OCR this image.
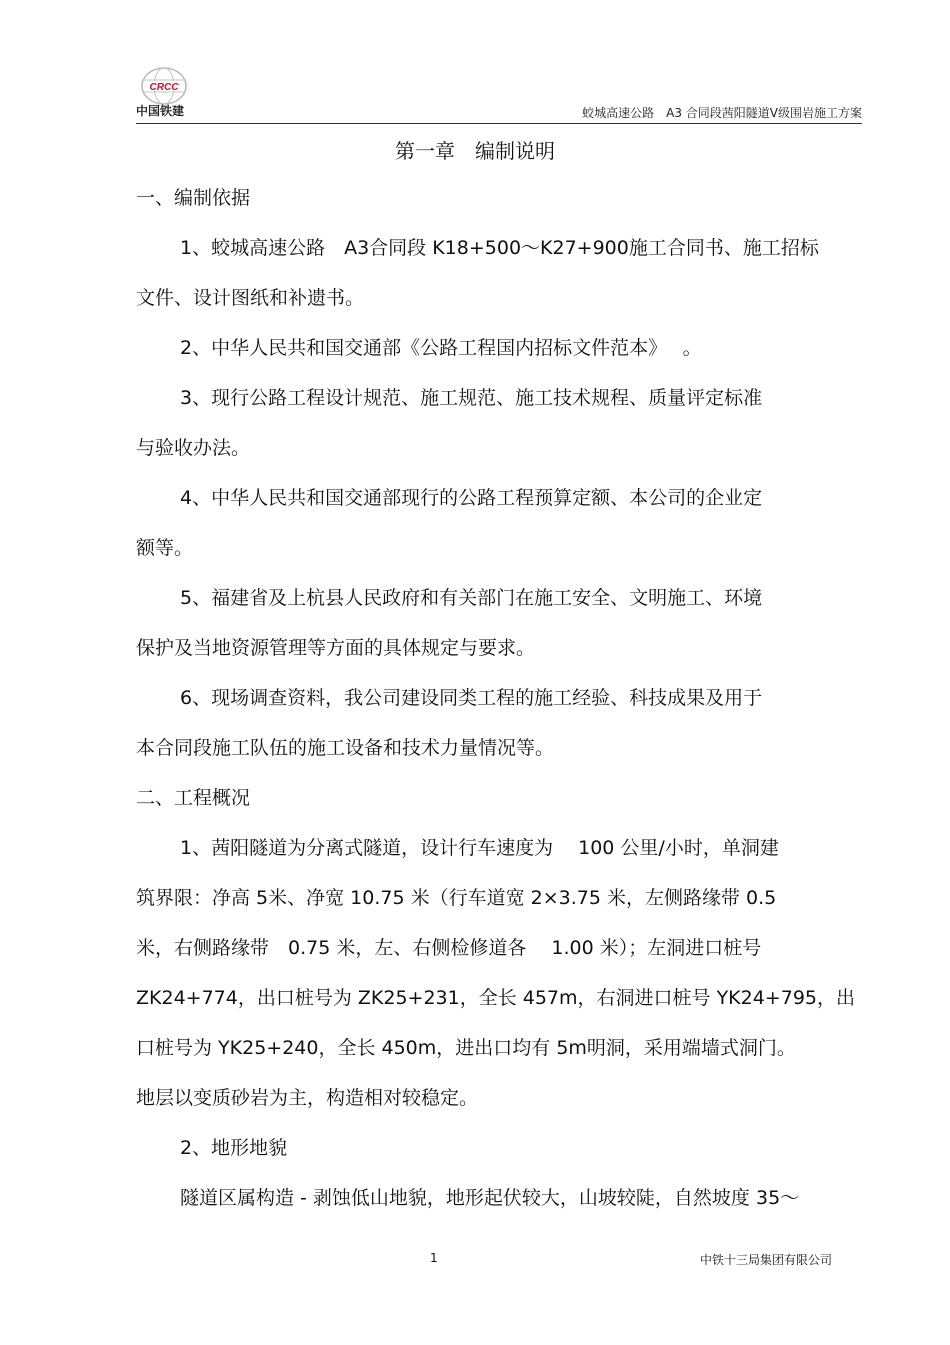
CRCC
中国铁建	蛟城高速公路　A3 合同段茜阳隧道Ⅴ级围岩施工方案
第一章　编制说明
一、编制依据
1、蛟城高速公路　A3合同段 K18+500～K27+900施工合同书、施工招标
文件、设计图纸和补遗书。
2、中华人民共和国交通部《公路工程国内招标文件范本》　 。
3、现行公路工程设计规范、施工规范、施工技术规程、质量评定标准
与验收办法。
4、中华人民共和国交通部现行的公路工程预算定额、本公司的企业定
额等。
5、福建省及上杭县人民政府和有关部门在施工安全、文明施工、环境
保护及当地资源管理等方面的具体规定与要求。
6、现场调查资料，我公司建设同类工程的施工经验、科技成果及用于
本合同段施工队伍的施工设备和技术力量情况等。
二、工程概况
1、茜阳隧道为分离式隧道，设计行车速度为　 100 公里/小时，单洞建
筑界限：净高 5米、净宽 10.75 米（行车道宽 2×3.75 米，左侧路缘带 0.5
米，右侧路缘带　0.75 米，左、右侧检修道各　 1.00 米）；左洞进口桩号
ZK24+774，出口桩号为 ZK25+231，全长 457m，右洞进口桩号 YK24+795，出
口桩号为 YK25+240，全长 450m，进出口均有 5m明洞，采用端墙式洞门。
地层以变质砂岩为主，构造相对较稳定。
2、地形地貌
隧道区属构造 - 剥蚀低山地貌，地形起伏较大，山坡较陡，自然坡度 35～
1	中铁十三局集团有限公司
